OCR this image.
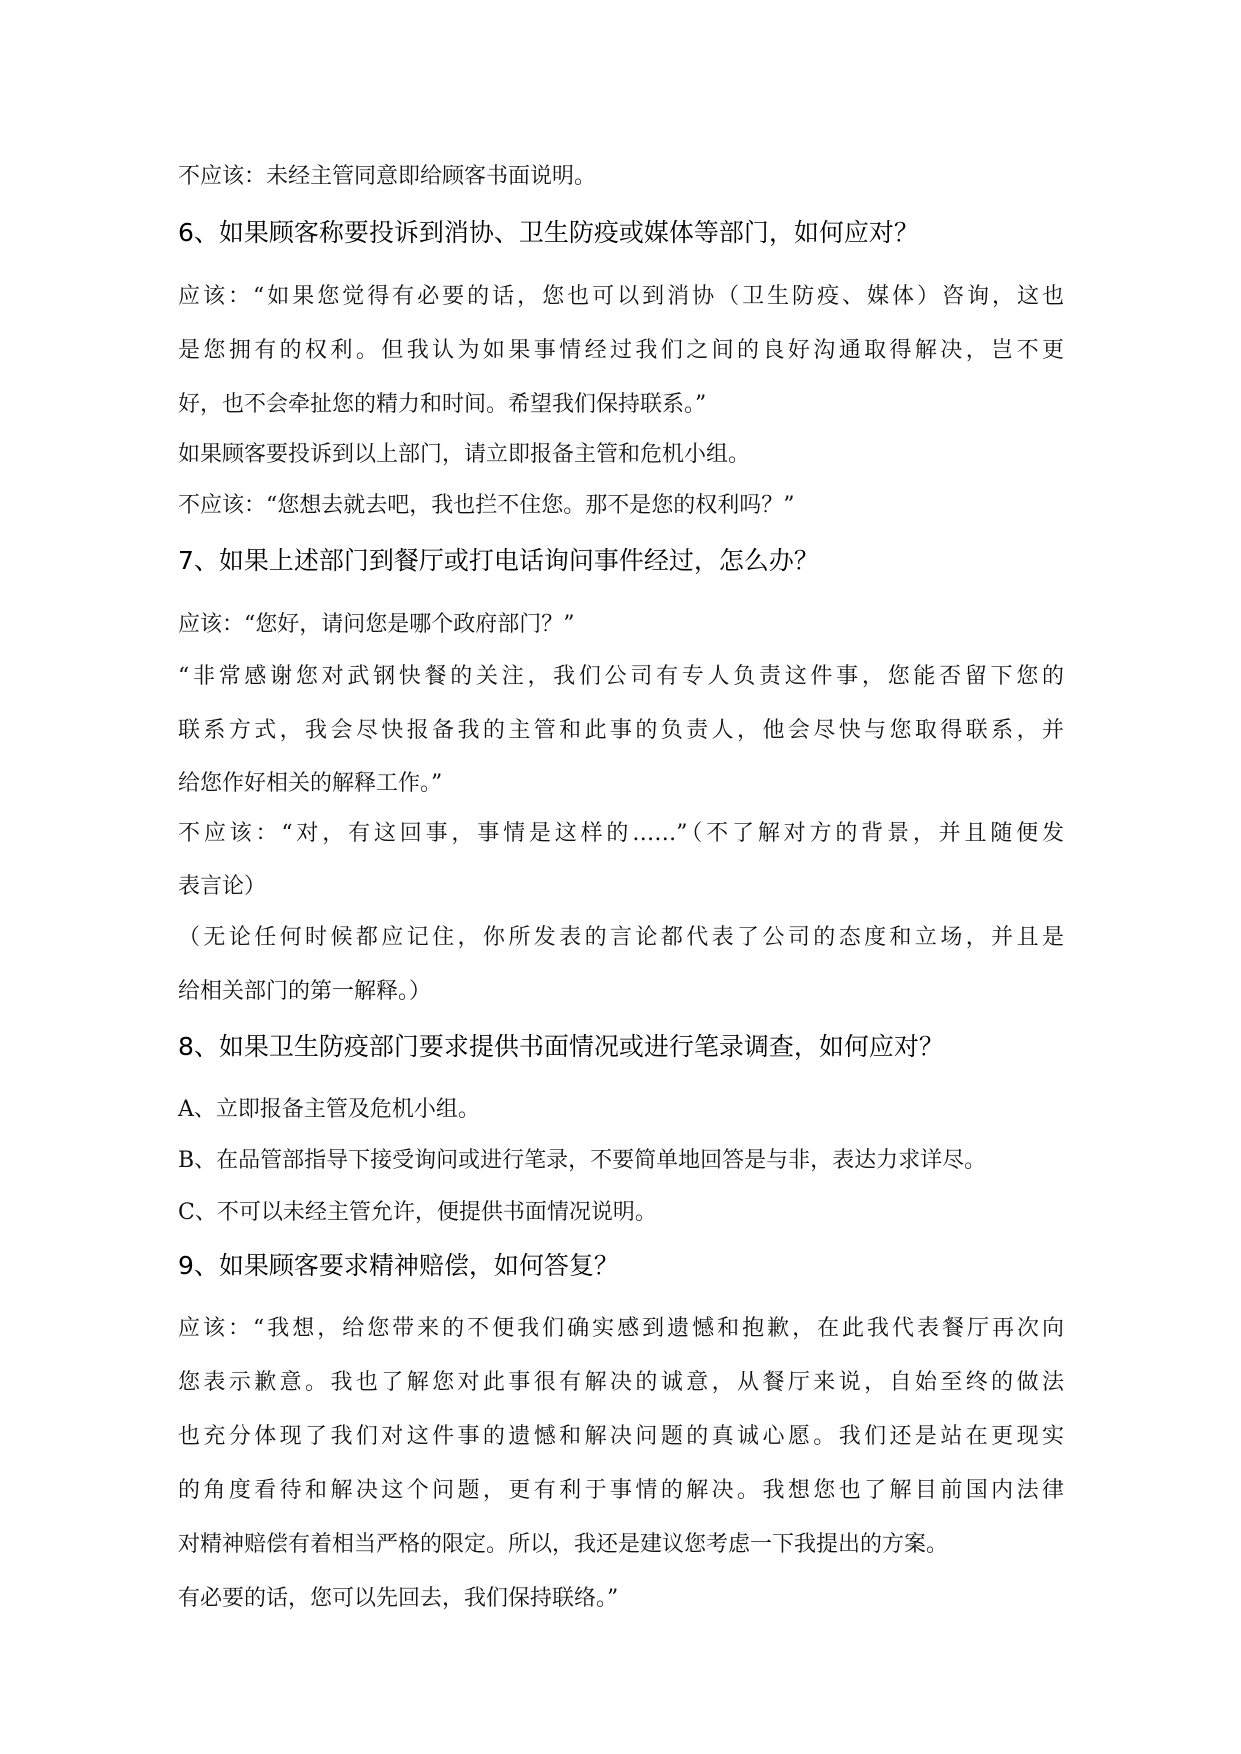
不应该：未经主管同意即给顾客书面说明。
6、如果顾客称要投诉到消协、卫生防疫或媒体等部门，如何应对？
应该：“如果您觉得有必要的话，您也可以到消协（卫生防疫、媒体）咨询，这也
是您拥有的权利。但我认为如果事情经过我们之间的良好沟通取得解决，岂不更
好，也不会牵扯您的精力和时间。希望我们保持联系。”
如果顾客要投诉到以上部门，请立即报备主管和危机小组。
不应该：“您想去就去吧，我也拦不住您。那不是您的权利吗？”
7、如果上述部门到餐厅或打电话询问事件经过，怎么办？
应该：“您好，请问您是哪个政府部门？”
“非常感谢您对武钢快餐的关注，我们公司有专人负责这件事，您能否留下您的
联系方式，我会尽快报备我的主管和此事的负责人，他会尽快与您取得联系，并
给您作好相关的解释工作。”
不应该：“对，有这回事，事情是这样的……”（不了解对方的背景，并且随便发
表言论）
（无论任何时候都应记住，你所发表的言论都代表了公司的态度和立场，并且是
给相关部门的第一解释。）
8、如果卫生防疫部门要求提供书面情况或进行笔录调查，如何应对？
A、立即报备主管及危机小组。
B、在品管部指导下接受询问或进行笔录，不要简单地回答是与非，表达力求详尽。
C、不可以未经主管允许，便提供书面情况说明。
9、如果顾客要求精神赔偿，如何答复？
应该：“我想，给您带来的不便我们确实感到遗憾和抱歉，在此我代表餐厅再次向
您表示歉意。我也了解您对此事很有解决的诚意，从餐厅来说，自始至终的做法
也充分体现了我们对这件事的遗憾和解决问题的真诚心愿。我们还是站在更现实
的角度看待和解决这个问题，更有利于事情的解决。我想您也了解目前国内法律
对精神赔偿有着相当严格的限定。所以，我还是建议您考虑一下我提出的方案。
有必要的话，您可以先回去，我们保持联络。”
